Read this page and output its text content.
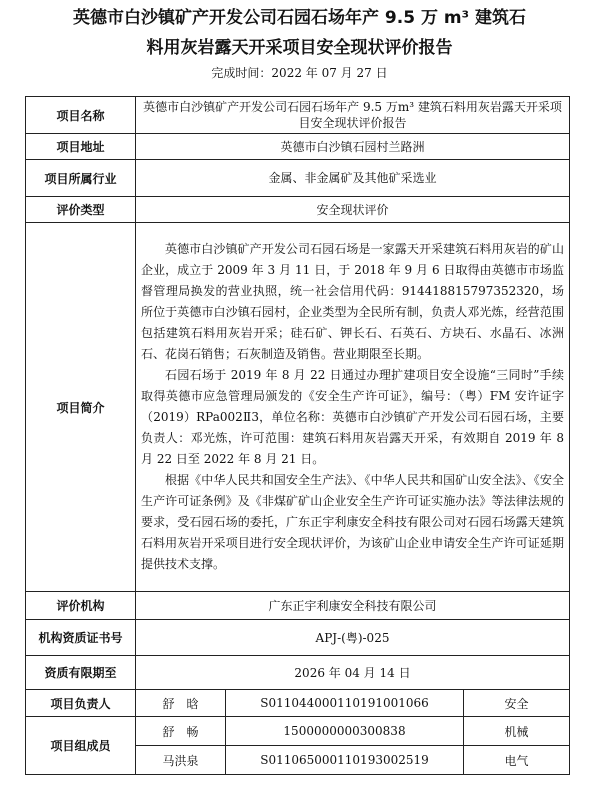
英德市白沙镇矿产开发公司石园石场年产 9.5 万 m³ 建筑石

料用灰岩露天开采项目安全现状评价报告

完成时间：2022 年 07 月 27 日

项目名称	英德市白沙镇矿产开发公司石园石场年产 9.5 万m³ 建筑石料用灰岩露天开采项目安全现状评价报告		
项目地址	英德市白沙镇石园村兰路洲		
项目所属行业	金属、非金属矿及其他矿采选业		
评价类型	安全现状评价		
项目简介	英德市白沙镇矿产开发公司石园石场是一家露天开采建筑石料用灰岩的矿山企业，成立于 2009 年 3 月 11 日，于 2018 年 9 月 6 日取得由英德市市场监督管理局换发的营业执照，统一社会信用代码：914418815797352320，场所位于英德市白沙镇石园村，企业类型为全民所有制，负责人邓光炼，经营范围包括建筑石料用灰岩开采；硅石矿、钾长石、石英石、方块石、水晶石、冰洲石、花岗石销售；石灰制造及销售。营业期限至长期。

石园石场于 2019 年 8 月 22 日通过办理扩建项目安全设施“三同时”手续取得英德市应急管理局颁发的《安全生产许可证》，编号：（粤）FM 安许证字（2019）RPa002Ⅱ3，单位名称：英德市白沙镇矿产开发公司石园石场，主要负责人：邓光炼，许可范围：建筑石料用灰岩露天开采，有效期自 2019 年 8 月 22 日至 2022 年 8 月 21 日。

根据《中华人民共和国安全生产法》、《中华人民共和国矿山安全法》、《安全生产许可证条例》及《非煤矿矿山企业安全生产许可证实施办法》等法律法规的要求，受石园石场的委托，广东正宇利康安全科技有限公司对石园石场露天建筑石料用灰岩开采项目进行安全现状评价，为该矿山企业申请安全生产许可证延期提供技术支撑。		

评价机构	广东正宇利康安全科技有限公司		
机构资质证书号	APJ-(粤)-025		
资质有限期至	2026 年 04 月 14 日		
项目负责人	舒　晗	S011044000110191001066	安全
项目组成员	舒　畅	1500000000300838	机械
	马洪泉	S011065000110193002519	电气
